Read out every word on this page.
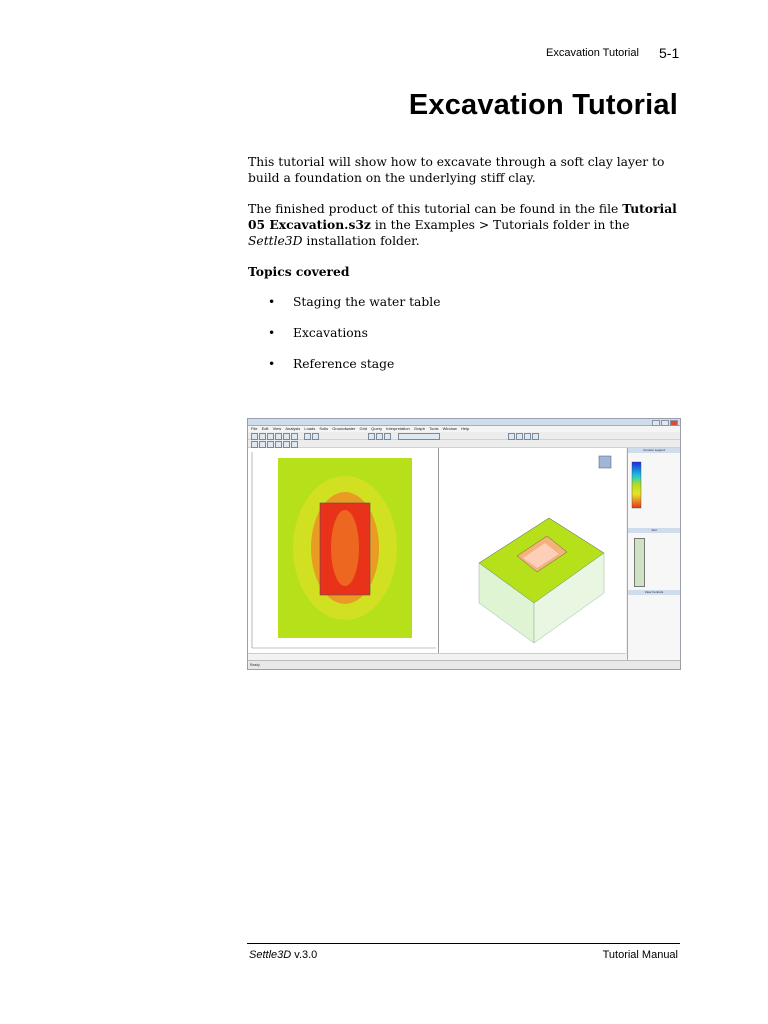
Excavation Tutorial 5-1
Excavation Tutorial
This tutorial will show how to excavate through a soft clay layer to build a foundation on the underlying stiff clay.
The finished product of this tutorial can be found in the file Tutorial 05 Excavation.s3z in the Examples > Tutorials folder in the Settle3D installation folder.
Topics covered
• Staging the water table
• Excavations
• Reference stage
File Edit View Analysis Loads Soils Groundwater Grid Query Interpretation Graph Tools Window Help
Contour Legend
Soil
View Controls
Ready
Settle3D v.3.0	Tutorial Manual
